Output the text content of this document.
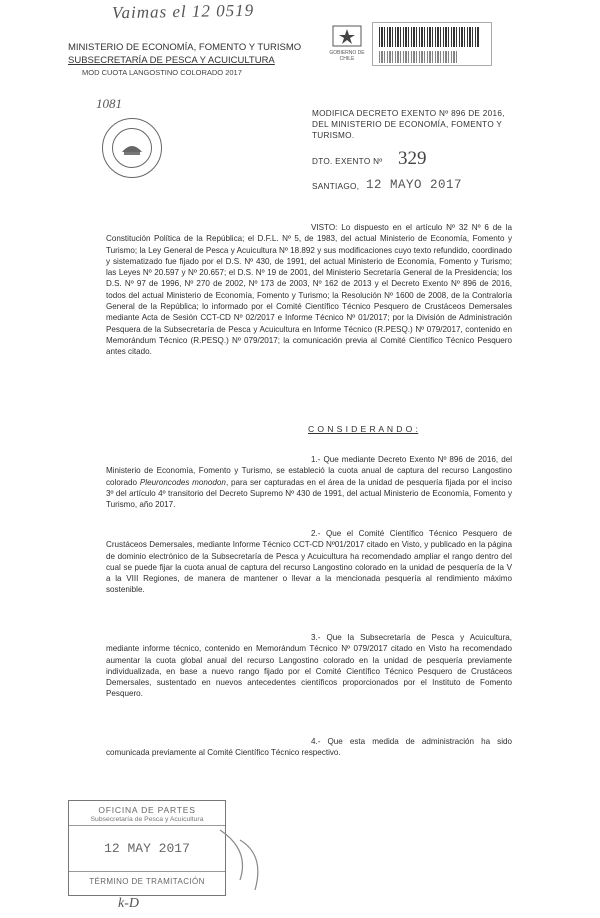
Vaimas el 12 0519
MINISTERIO DE ECONOMÍA, FOMENTO Y TURISMO
SUBSECRETARÍA DE PESCA Y ACUICULTURA
MOD CUOTA LANGOSTINO COLORADO 2017
GOBIERNO DE CHILE
1081
MODIFICA DECRETO EXENTO Nº 896 DE 2016,
DEL MINISTERIO DE ECONOMÍA, FOMENTO Y
TURISMO.
DTO. EXENTO Nº 329
SANTIAGO, 12 MAYO 2017
VISTO: Lo dispuesto en el artículo Nº 32 Nº 6 de la Constitución Política de la República; el D.F.L. Nº 5, de 1983, del actual Ministerio de Economía, Fomento y Turismo; la Ley General de Pesca y Acuicultura Nº 18.892 y sus modificaciones cuyo texto refundido, coordinado y sistematizado fue fijado por el D.S. Nº 430, de 1991, del actual Ministerio de Economía, Fomento y Turismo; las Leyes Nº 20.597 y Nº 20.657; el D.S. Nº 19 de 2001, del Ministerio Secretaría General de la Presidencia; los D.S. Nº 97 de 1996, Nº 270 de 2002, Nº 173 de 2003, Nº 162 de 2013 y el Decreto Exento Nº 896 de 2016, todos del actual Ministerio de Economía, Fomento y Turismo; la Resolución Nº 1600 de 2008, de la Contraloría General de la República; lo informado por el Comité Científico Técnico Pesquero de Crustáceos Demersales mediante Acta de Sesión CCT-CD Nº 02/2017 e Informe Técnico Nº 01/2017; por la División de Administración Pesquera de la Subsecretaría de Pesca y Acuicultura en Informe Técnico (R.PESQ.) Nº 079/2017, contenido en Memorándum Técnico (R.PESQ.) Nº 079/2017; la comunicación previa al Comité Científico Técnico Pesquero antes citado.
C O N S I D E R A N D O :
1.- Que mediante Decreto Exento Nº 896 de 2016, del Ministerio de Economía, Fomento y Turismo, se estableció la cuota anual de captura del recurso Langostino colorado Pleuroncodes monodon, para ser capturadas en el área de la unidad de pesquería fijada por el inciso 3º del artículo 4º transitorio del Decreto Supremo Nº 430 de 1991, del actual Ministerio de Economía, Fomento y Turismo, año 2017.
2.- Que el Comité Científico Técnico Pesquero de Crustáceos Demersales, mediante Informe Técnico CCT-CD Nº01/2017 citado en Visto, y publicado en la página de dominio electrónico de la Subsecretaría de Pesca y Acuicultura ha recomendado ampliar el rango dentro del cual se puede fijar la cuota anual de captura del recurso Langostino colorado en la unidad de pesquería de la V a la VIII Regiones, de manera de mantener o llevar a la mencionada pesquería al rendimiento máximo sostenible.
3.- Que la Subsecretaría de Pesca y Acuicultura, mediante informe técnico, contenido en Memorándum Técnico Nº 079/2017 citado en Visto ha recomendado aumentar la cuota global anual del recurso Langostino colorado en la unidad de pesquería previamente individualizada, en base a nuevo rango fijado por el Comité Científico Técnico Pesquero de Crustáceos Demersales, sustentado en nuevos antecedentes científicos proporcionados por el Instituto de Fomento Pesquero.
4.- Que esta medida de administración ha sido comunicada previamente al Comité Científico Técnico respectivo.
OFICINA DE PARTES
Subsecretaría de Pesca y Acuicultura
12 MAY 2017
TÉRMINO DE TRAMITACIÓN
k-D
